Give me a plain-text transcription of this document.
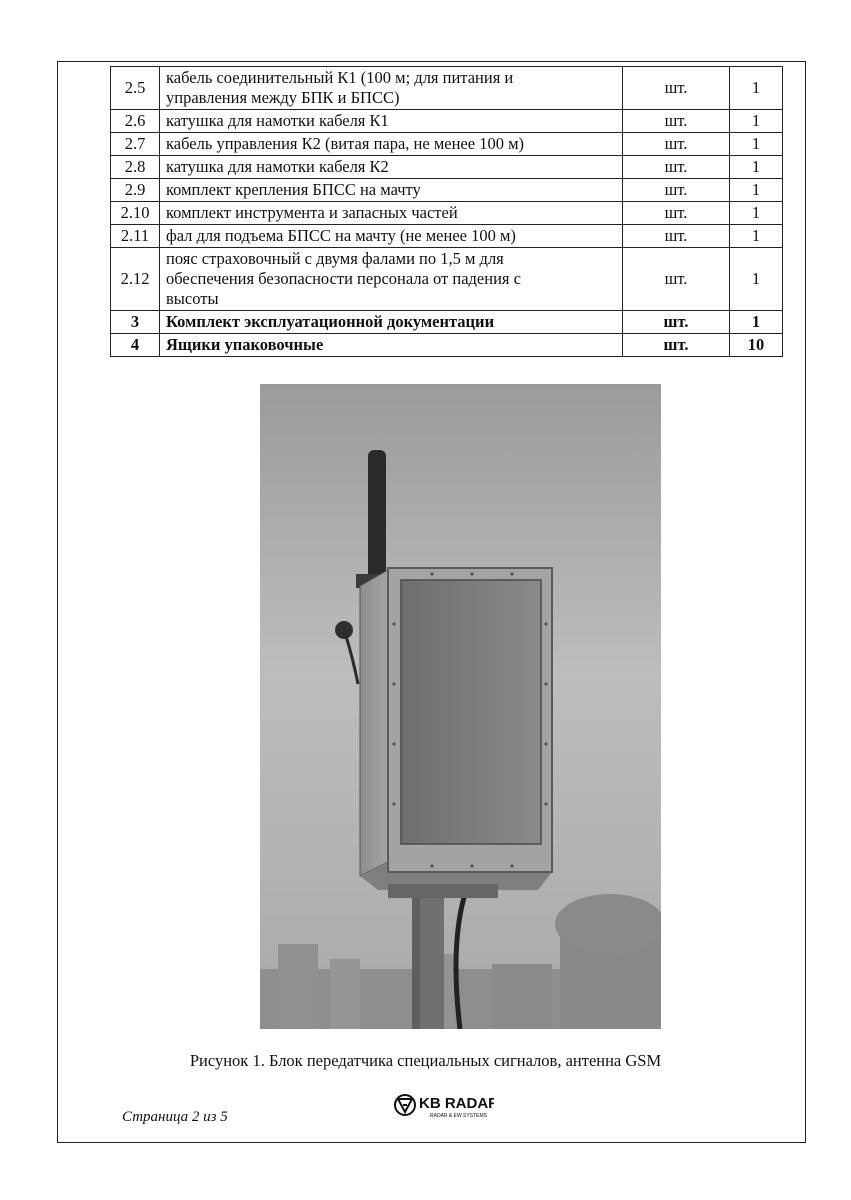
2.5	кабель соединительный К1 (100 м; для питания и
управления между БПК и БПСС)	шт.	1
2.6	катушка для намотки кабеля К1	шт.	1
2.7	кабель управления К2 (витая пара, не менее 100 м)	шт.	1
2.8	катушка для намотки кабеля К2	шт.	1
2.9	комплект крепления БПСС на мачту	шт.	1
2.10	комплект инструмента и запасных частей	шт.	1
2.11	фал для подъема БПСС на мачту (не менее 100 м)	шт.	1
2.12	пояс страховочный с двумя фалами по 1,5 м для
обеспечения безопасности персонала от падения с
высоты	шт.	1
3	Комплект эксплуатационной документации	шт.	1
4	Ящики упаковочные	шт.	10
Рисунок 1. Блок передатчика специальных сигналов, антенна GSM
Страница 2 из 5
KB RADAR
RADAR & EW SYSTEMS
